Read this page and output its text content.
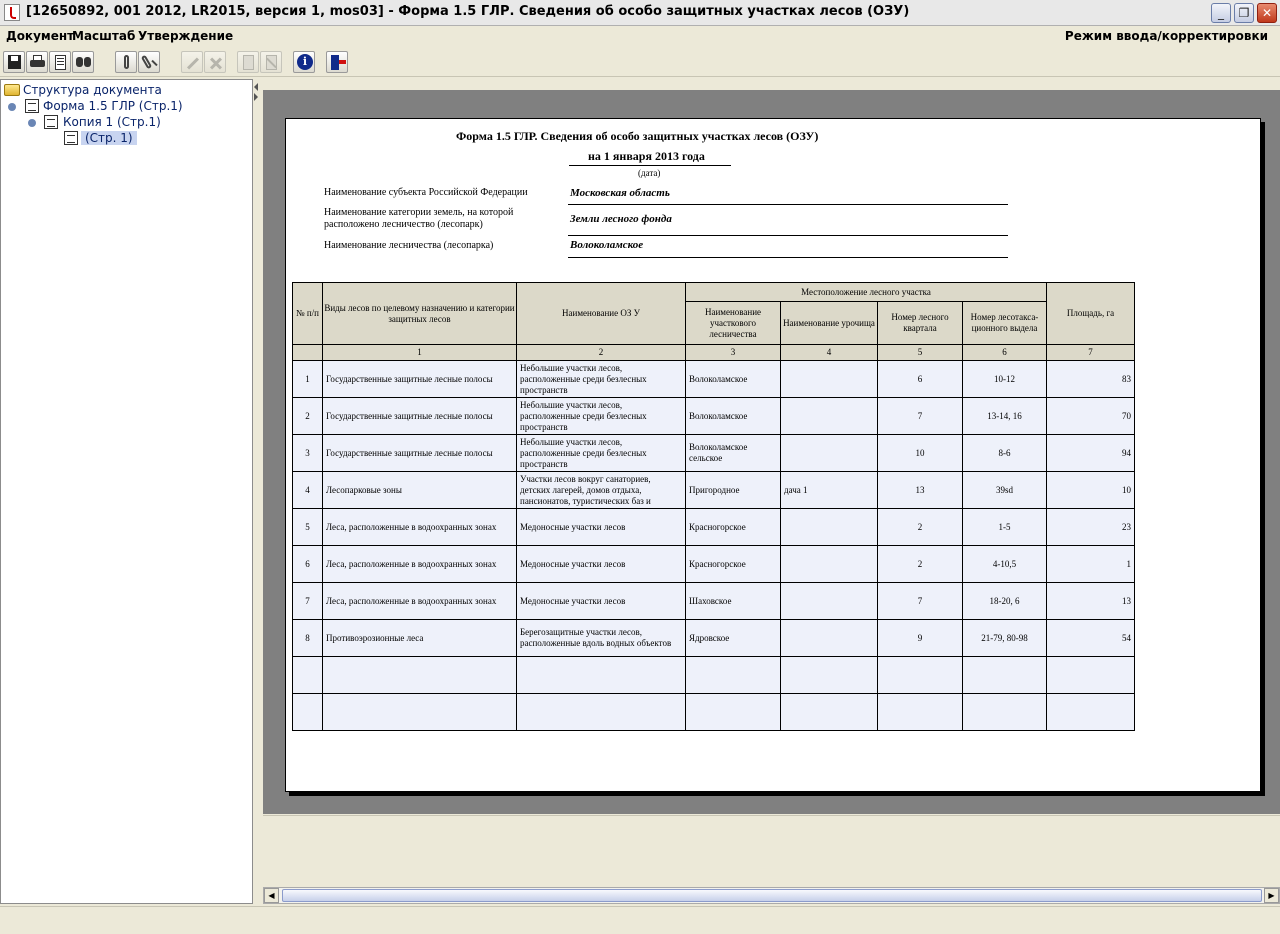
[12650892, 001 2012, LR2015, версия 1, mos03] - Форма 1.5 ГЛР. Сведения об особо защитных участках лесов (ОЗУ)	_	❐	✕
Документ
Масштаб Утверждение	Режим ввода/корректировки
i
Структура документа
Форма 1.5 ГЛР (Стр.1)
Копия 1 (Стр.1)
(Стр. 1)	Форма 1.5 ГЛР. Сведения об особо защитных участках лесов (ОЗУ)
на 1 января 2013 года
(дата)
Наименование субъекта Российской Федерации	Московская область
Наименование категории земель, на которой расположено лесничество (лесопарк)	Земли лесного фонда
Наименование лесничества (лесопарка)	Волоколамское
№ п/п	Виды лесов по целевому назначению и категории защитных лесов	Наименование ОЗ У	Местоположение лесного участка				Площадь, га
			Наименование участкового лесничества	Наименование урочища	Номер лесного квартала	Номер лесотакса-ционного выдела	
	1	2	3	4	5	6	7
1	Государственные защитные лесные полосы	Небольшие участки лесов, расположенные среди безлесных пространств	Волоколамское		6	10-12	83
2	Государственные защитные лесные полосы	Небольшие участки лесов, расположенные среди безлесных пространств	Волоколамское		7	13-14, 16	70
3	Государственные защитные лесные полосы	Небольшие участки лесов, расположенные среди безлесных пространств	Волоколамское сельское		10	8-6	94
4	Лесопарковые зоны	Участки лесов вокруг санаториев, детских лагерей, домов отдыха, пансионатов, туристических баз и	Пригородное	дача 1	13	39sd	10
5	Леса, расположенные в водоохранных зонах	Медоносные участки лесов	Красногорское		2	1-5	23
6	Леса, расположенные в водоохранных зонах	Медоносные участки лесов	Красногорское		2	4-10,5	1
7	Леса, расположенные в водоохранных зонах	Медоносные участки лесов	Шаховское		7	18-20, 6	13
8	Противоэрозионные леса	Берегозащитные участки лесов, расположенные вдоль водных объектов	Ядровское		9	21-79, 80-98	54

◀	▶
